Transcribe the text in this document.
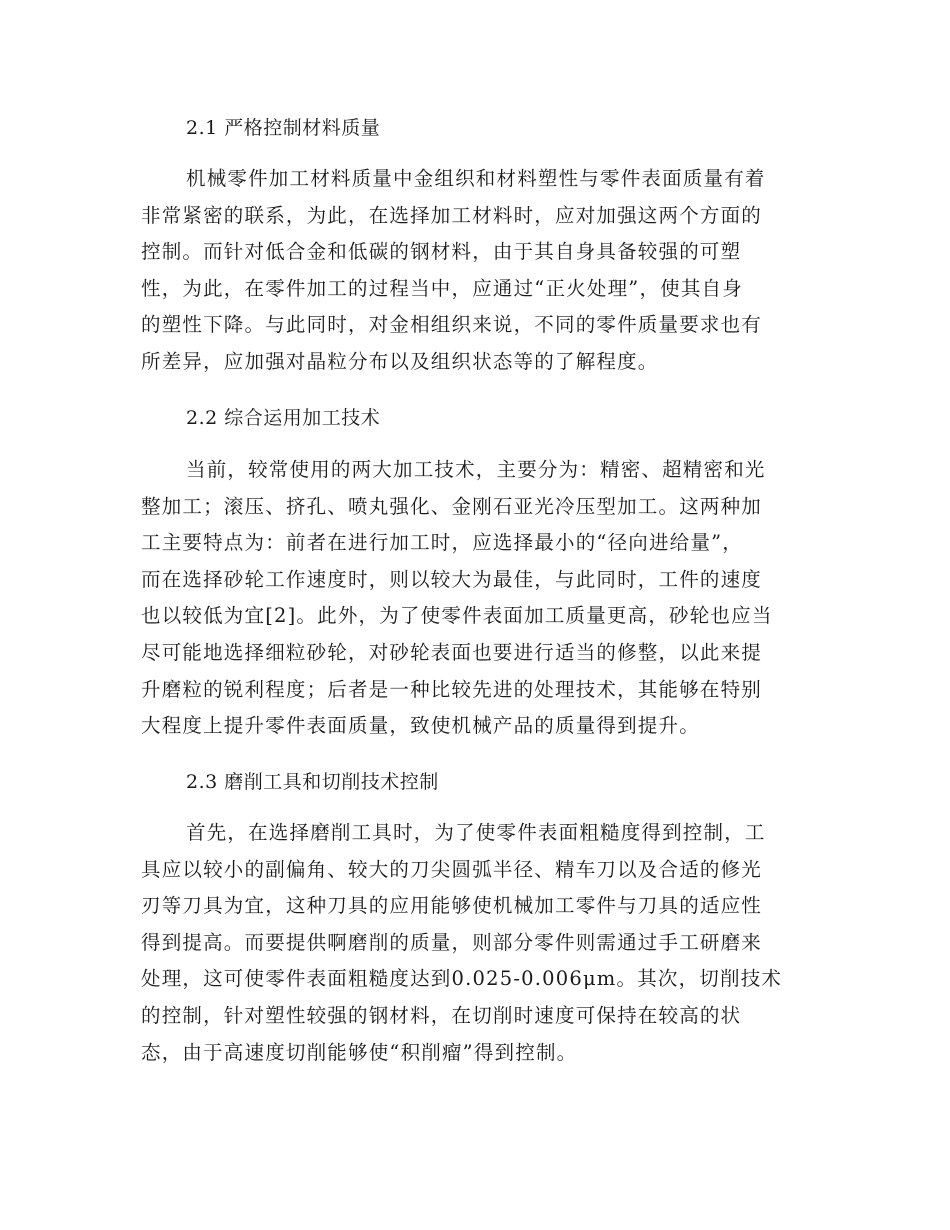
2.1 严格控制材料质量
机械零件加工材料质量中金组织和材料塑性与零件表面质量有着
非常紧密的联系，为此，在选择加工材料时，应对加强这两个方面的
控制。而针对低合金和低碳的钢材料，由于其自身具备较强的可塑
性，为此，在零件加工的过程当中，应通过“正火处理”，使其自身
的塑性下降。与此同时，对金相组织来说，不同的零件质量要求也有
所差异，应加强对晶粒分布以及组织状态等的了解程度。
2.2 综合运用加工技术
当前，较常使用的两大加工技术，主要分为：精密、超精密和光
整加工；滚压、挤孔、喷丸强化、金刚石亚光冷压型加工。这两种加
工主要特点为：前者在进行加工时，应选择最小的“径向进给量”，
而在选择砂轮工作速度时，则以较大为最佳，与此同时，工件的速度
也以较低为宜[2]。此外，为了使零件表面加工质量更高，砂轮也应当
尽可能地选择细粒砂轮，对砂轮表面也要进行适当的修整，以此来提
升磨粒的锐利程度；后者是一种比较先进的处理技术，其能够在特别
大程度上提升零件表面质量，致使机械产品的质量得到提升。
2.3 磨削工具和切削技术控制
首先，在选择磨削工具时，为了使零件表面粗糙度得到控制，工
具应以较小的副偏角、较大的刀尖圆弧半径、精车刀以及合适的修光
刃等刀具为宜，这种刀具的应用能够使机械加工零件与刀具的适应性
得到提高。而要提供啊磨削的质量，则部分零件则需通过手工研磨来
处理，这可使零件表面粗糙度达到0.025-0.006μm。其次，切削技术
的控制，针对塑性较强的钢材料，在切削时速度可保持在较高的状
态，由于高速度切削能够使“积削瘤”得到控制。
